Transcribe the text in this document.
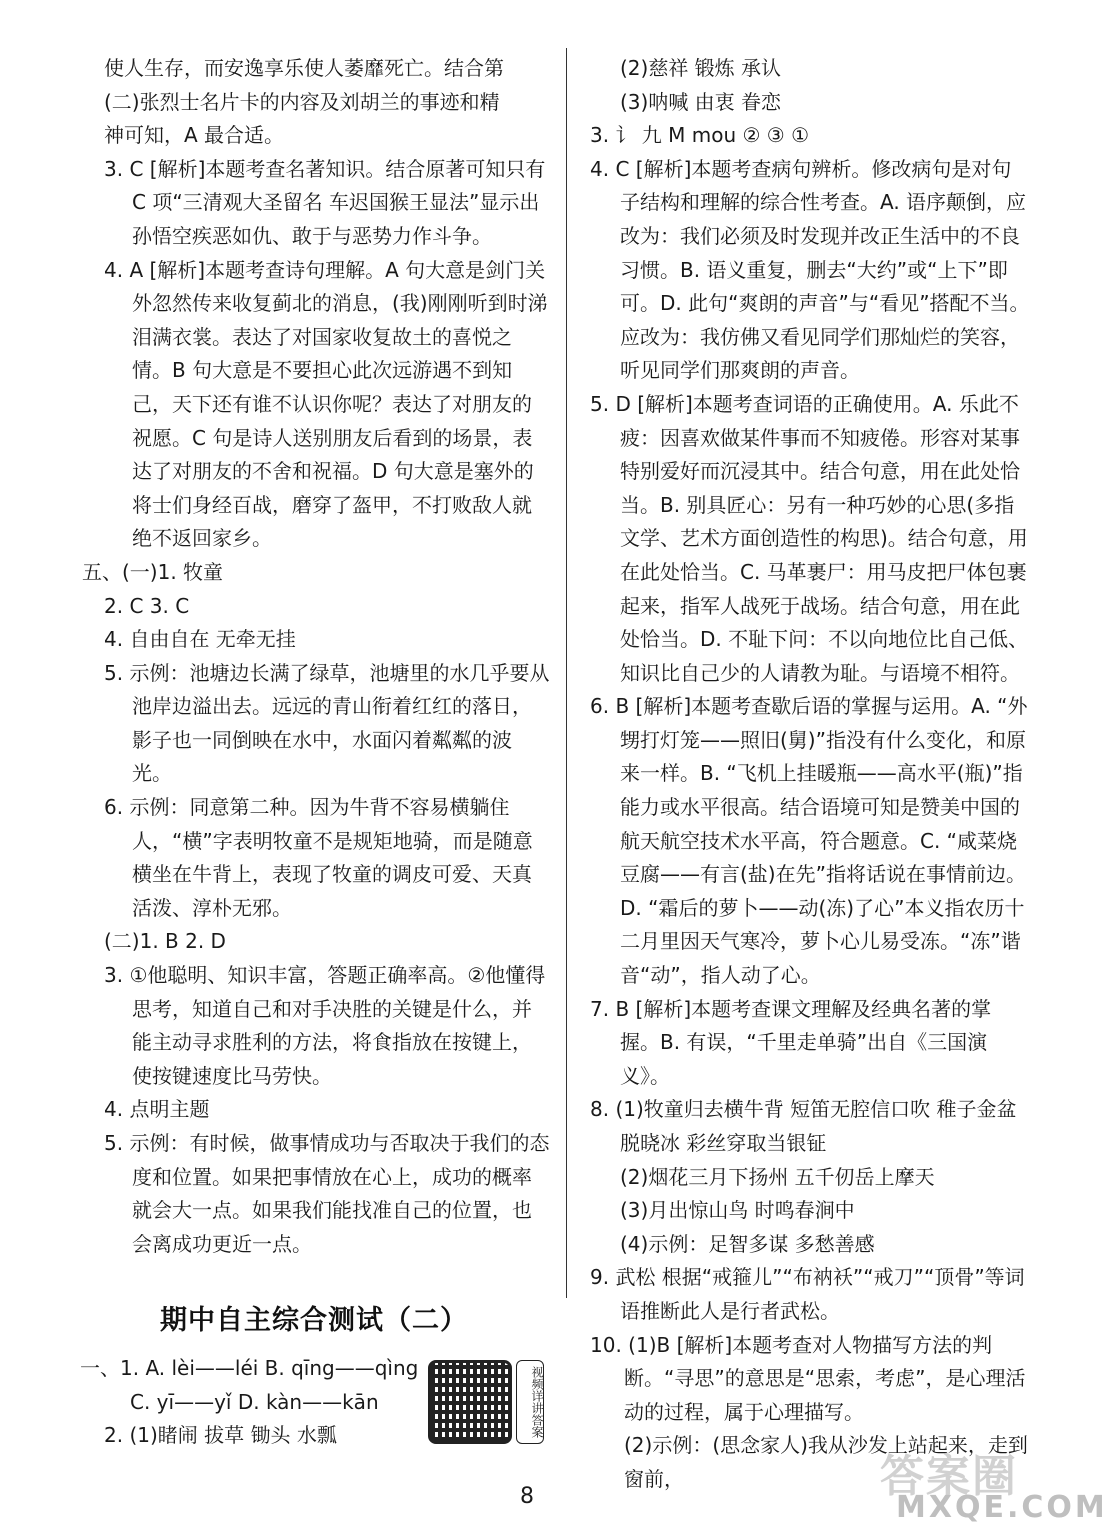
使人生存，而安逸享乐使人萎靡死亡。结合第

(二)张烈士名片卡的内容及刘胡兰的事迹和精

神可知，A 最合适。

3. C [解析]本题考查名著知识。结合原著可知只有 C 项“三清观大圣留名 车迟国猴王显法”显示出孙悟空疾恶如仇、敢于与恶势力作斗争。

4. A [解析]本题考查诗句理解。A 句大意是剑门关外忽然传来收复蓟北的消息，(我)刚刚听到时涕泪满衣裳。表达了对国家收复故土的喜悦之情。B 句大意是不要担心此次远游遇不到知己，天下还有谁不认识你呢？表达了对朋友的祝愿。C 句是诗人送别朋友后看到的场景，表达了对朋友的不舍和祝福。D 句大意是塞外的将士们身经百战，磨穿了盔甲，不打败敌人就绝不返回家乡。

五、(一)1. 牧童

2. C 3. C

4. 自由自在 无牵无挂

5. 示例：池塘边长满了绿草，池塘里的水几乎要从池岸边溢出去。远远的青山衔着红红的落日，影子也一同倒映在水中，水面闪着粼粼的波光。

6. 示例：同意第二种。因为牛背不容易横躺住人，“横”字表明牧童不是规矩地骑，而是随意横坐在牛背上，表现了牧童的调皮可爱、天真活泼、淳朴无邪。

(二)1. B 2. D

3. ①他聪明、知识丰富，答题正确率高。②他懂得思考，知道自己和对手决胜的关键是什么，并能主动寻求胜利的方法，将食指放在按键上，使按键速度比马劳快。

4. 点明主题

5. 示例：有时候，做事情成功与否取决于我们的态度和位置。如果把事情放在心上，成功的概率就会大一点。如果我们能找准自己的位置，也会离成功更近一点。

期中自主综合测试（二）

一、1. A. lèi——léi B. qīng——qìng

C. yī——yǐ D. kàn——kān

2. (1)睹闹 拔草 锄头 水瓢	视频详讲答案

(2)慈祥 锻炼 承认

(3)呐喊 由衷 眷恋

3. 讠 九 M mou ② ③ ①

4. C [解析]本题考查病句辨析。修改病句是对句子结构和理解的综合性考查。A. 语序颠倒，应改为：我们必须及时发现并改正生活中的不良习惯。B. 语义重复，删去“大约”或“上下”即可。D. 此句“爽朗的声音”与“看见”搭配不当。应改为：我仿佛又看见同学们那灿烂的笑容，听见同学们那爽朗的声音。

5. D [解析]本题考查词语的正确使用。A. 乐此不疲：因喜欢做某件事而不知疲倦。形容对某事特别爱好而沉浸其中。结合句意，用在此处恰当。B. 别具匠心：另有一种巧妙的心思(多指文学、艺术方面创造性的构思)。结合句意，用在此处恰当。C. 马革裹尸：用马皮把尸体包裹起来，指军人战死于战场。结合句意，用在此处恰当。D. 不耻下问：不以向地位比自己低、知识比自己少的人请教为耻。与语境不相符。

6. B [解析]本题考查歇后语的掌握与运用。A. “外甥打灯笼——照旧(舅)”指没有什么变化，和原来一样。B. “飞机上挂暖瓶——高水平(瓶)”指能力或水平很高。结合语境可知是赞美中国的航天航空技术水平高，符合题意。C. “咸菜烧豆腐——有言(盐)在先”指将话说在事情前边。D. “霜后的萝卜——动(冻)了心”本义指农历十二月里因天气寒冷，萝卜心儿易受冻。“冻”谐音“动”，指人动了心。

7. B [解析]本题考查课文理解及经典名著的掌握。B. 有误，“千里走单骑”出自《三国演义》。

8. (1)牧童归去横牛背 短笛无腔信口吹 稚子金盆脱晓冰 彩丝穿取当银钲

(2)烟花三月下扬州 五千仞岳上摩天

(3)月出惊山鸟 时鸣春涧中

(4)示例：足智多谋 多愁善感

9. 武松 根据“戒箍儿”“布衲袄”“戒刀”“顶骨”等词语推断此人是行者武松。

10. (1)B [解析]本题考查对人物描写方法的判断。“寻思”的意思是“思索，考虑”，是心理活动的过程，属于心理描写。

(2)示例：(思念家人)我从沙发上站起来，走到窗前，

8	答案圈
MXQE.COM
